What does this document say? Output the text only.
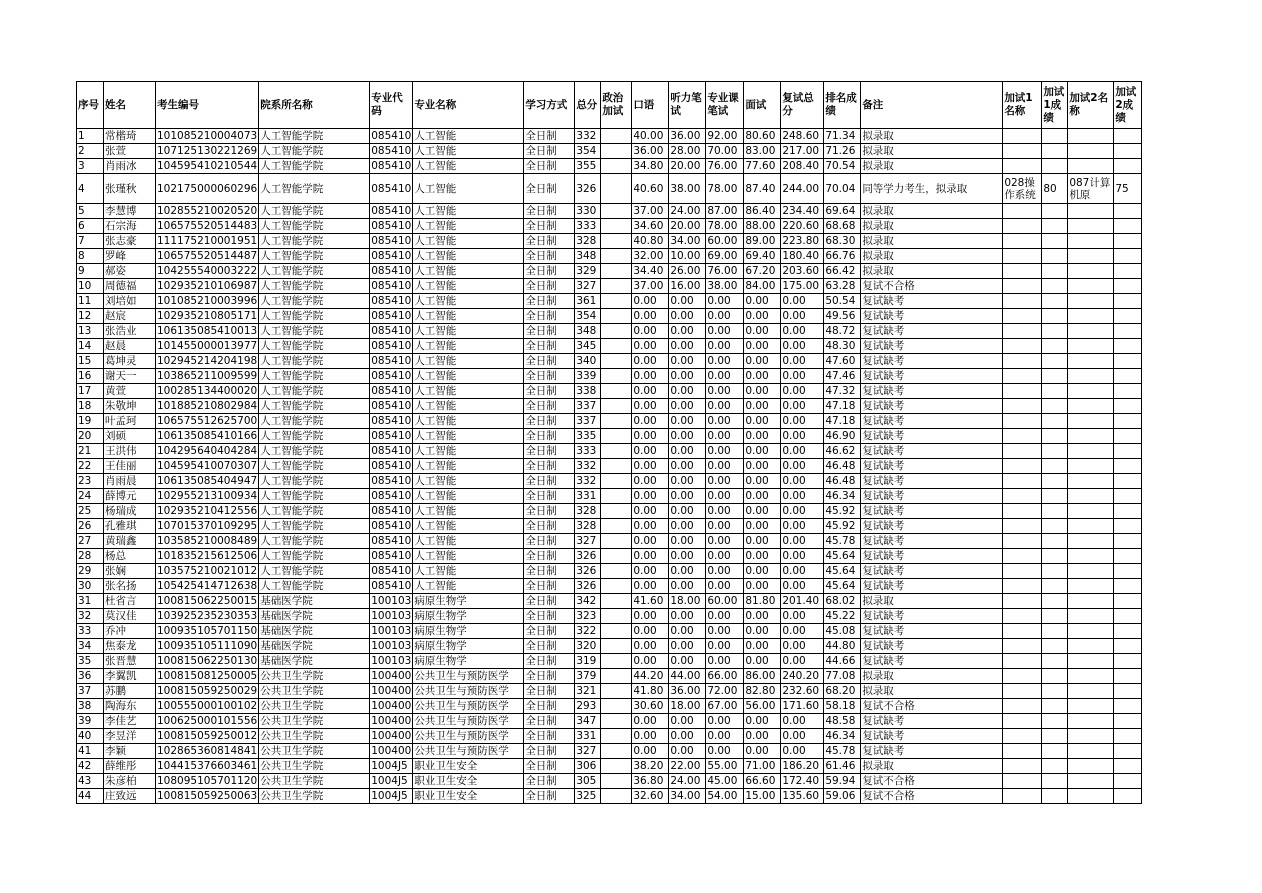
序号	姓名	考生编号	院系所名称	专业代码	专业名称	学习方式	总分	政治加试	口语	听力笔试	专业课笔试	面试	复试总分	排名成绩	备注	加试1名称	加试1成绩	加试2名称	加试2成绩
1	常楷琦	101085210004073	人工智能学院	085410	人工智能	全日制	332		40.00	36.00	92.00	80.60	248.60	71.34	拟录取				
2	张萱	107125130221269	人工智能学院	085410	人工智能	全日制	354		36.00	28.00	70.00	83.00	217.00	71.26	拟录取				
3	肖雨冰	104595410210544	人工智能学院	085410	人工智能	全日制	355		34.80	20.00	76.00	77.60	208.40	70.54	拟录取				
4	张瑾秋	102175000060296	人工智能学院	085410	人工智能	全日制	326		40.60	38.00	78.00	87.40	244.00	70.04	同等学力考生，拟录取	028操作系统	80	087计算机原	75
5	李慧博	102855210020520	人工智能学院	085410	人工智能	全日制	330		37.00	24.00	87.00	86.40	234.40	69.64	拟录取				
6	石宗海	106575520514483	人工智能学院	085410	人工智能	全日制	333		34.60	20.00	78.00	88.00	220.60	68.68	拟录取				
7	张志豪	111175210001951	人工智能学院	085410	人工智能	全日制	328		40.80	34.00	60.00	89.00	223.80	68.30	拟录取				
8	罗峰	106575520514487	人工智能学院	085410	人工智能	全日制	348		32.00	10.00	69.00	69.40	180.40	66.76	拟录取				
9	郝姿	104255540003222	人工智能学院	085410	人工智能	全日制	329		34.40	26.00	76.00	67.20	203.60	66.42	拟录取				
10	周德福	102935210106987	人工智能学院	085410	人工智能	全日制	327		37.00	16.00	38.00	84.00	175.00	63.28	复试不合格				
11	刘培如	101085210003996	人工智能学院	085410	人工智能	全日制	361		0.00	0.00	0.00	0.00	0.00	50.54	复试缺考				
12	赵宸	102935210805171	人工智能学院	085410	人工智能	全日制	354		0.00	0.00	0.00	0.00	0.00	49.56	复试缺考				
13	张浩业	106135085410013	人工智能学院	085410	人工智能	全日制	348		0.00	0.00	0.00	0.00	0.00	48.72	复试缺考				
14	赵晨	101455000013977	人工智能学院	085410	人工智能	全日制	345		0.00	0.00	0.00	0.00	0.00	48.30	复试缺考				
15	葛坤灵	102945214204198	人工智能学院	085410	人工智能	全日制	340		0.00	0.00	0.00	0.00	0.00	47.60	复试缺考				
16	谢天一	103865211009599	人工智能学院	085410	人工智能	全日制	339		0.00	0.00	0.00	0.00	0.00	47.46	复试缺考				
17	黄萱	100285134400020	人工智能学院	085410	人工智能	全日制	338		0.00	0.00	0.00	0.00	0.00	47.32	复试缺考				
18	朱敬坤	101885210802984	人工智能学院	085410	人工智能	全日制	337		0.00	0.00	0.00	0.00	0.00	47.18	复试缺考				
19	叶孟珂	106575512625700	人工智能学院	085410	人工智能	全日制	337		0.00	0.00	0.00	0.00	0.00	47.18	复试缺考				
20	刘硕	106135085410166	人工智能学院	085410	人工智能	全日制	335		0.00	0.00	0.00	0.00	0.00	46.90	复试缺考				
21	王洪伟	104295640404284	人工智能学院	085410	人工智能	全日制	333		0.00	0.00	0.00	0.00	0.00	46.62	复试缺考				
22	王佳丽	104595410070307	人工智能学院	085410	人工智能	全日制	332		0.00	0.00	0.00	0.00	0.00	46.48	复试缺考				
23	肖雨晨	106135085404947	人工智能学院	085410	人工智能	全日制	332		0.00	0.00	0.00	0.00	0.00	46.48	复试缺考				
24	薛博元	102955213100934	人工智能学院	085410	人工智能	全日制	331		0.00	0.00	0.00	0.00	0.00	46.34	复试缺考				
25	杨瑞成	102935210412556	人工智能学院	085410	人工智能	全日制	328		0.00	0.00	0.00	0.00	0.00	45.92	复试缺考				
26	孔雅琪	107015370109295	人工智能学院	085410	人工智能	全日制	328		0.00	0.00	0.00	0.00	0.00	45.92	复试缺考				
27	黄瑞鑫	103585210008489	人工智能学院	085410	人工智能	全日制	327		0.00	0.00	0.00	0.00	0.00	45.78	复试缺考				
28	杨总	101835215612506	人工智能学院	085410	人工智能	全日制	326		0.00	0.00	0.00	0.00	0.00	45.64	复试缺考				
29	张娴	103575210021012	人工智能学院	085410	人工智能	全日制	326		0.00	0.00	0.00	0.00	0.00	45.64	复试缺考				
30	张名扬	105425414712638	人工智能学院	085410	人工智能	全日制	326		0.00	0.00	0.00	0.00	0.00	45.64	复试缺考				
31	杜省言	100815062250015	基础医学院	100103	病原生物学	全日制	342		41.60	18.00	60.00	81.80	201.40	68.02	拟录取				
32	莫汉佳	103925235230353	基础医学院	100103	病原生物学	全日制	323		0.00	0.00	0.00	0.00	0.00	45.22	复试缺考				
33	乔冲	100935105701150	基础医学院	100103	病原生物学	全日制	322		0.00	0.00	0.00	0.00	0.00	45.08	复试缺考				
34	焦泰龙	100935105111090	基础医学院	100103	病原生物学	全日制	320		0.00	0.00	0.00	0.00	0.00	44.80	复试缺考				
35	张晋慧	100815062250130	基础医学院	100103	病原生物学	全日制	319		0.00	0.00	0.00	0.00	0.00	44.66	复试缺考				
36	李翼凯	100815081250005	公共卫生学院	100400	公共卫生与预防医学	全日制	379		44.20	44.00	66.00	86.00	240.20	77.08	拟录取				
37	苏鹏	100815059250029	公共卫生学院	100400	公共卫生与预防医学	全日制	321		41.80	36.00	72.00	82.80	232.60	68.20	拟录取				
38	陶海东	100555000100102	公共卫生学院	100400	公共卫生与预防医学	全日制	293		30.60	18.00	67.00	56.00	171.60	58.18	复试不合格				
39	李佳艺	100625000101556	公共卫生学院	100400	公共卫生与预防医学	全日制	347		0.00	0.00	0.00	0.00	0.00	48.58	复试缺考				
40	李昱洋	100815059250012	公共卫生学院	100400	公共卫生与预防医学	全日制	331		0.00	0.00	0.00	0.00	0.00	46.34	复试缺考				
41	李颖	102865360814841	公共卫生学院	100400	公共卫生与预防医学	全日制	327		0.00	0.00	0.00	0.00	0.00	45.78	复试缺考				
42	薛维彤	104415376603461	公共卫生学院	1004J5	职业卫生安全	全日制	306		38.20	22.00	55.00	71.00	186.20	61.46	拟录取				
43	朱彦柏	108095105701120	公共卫生学院	1004J5	职业卫生安全	全日制	305		36.80	24.00	45.00	66.60	172.40	59.94	复试不合格				
44	庄致远	100815059250063	公共卫生学院	1004J5	职业卫生安全	全日制	325		32.60	34.00	54.00	15.00	135.60	59.06	复试不合格				
